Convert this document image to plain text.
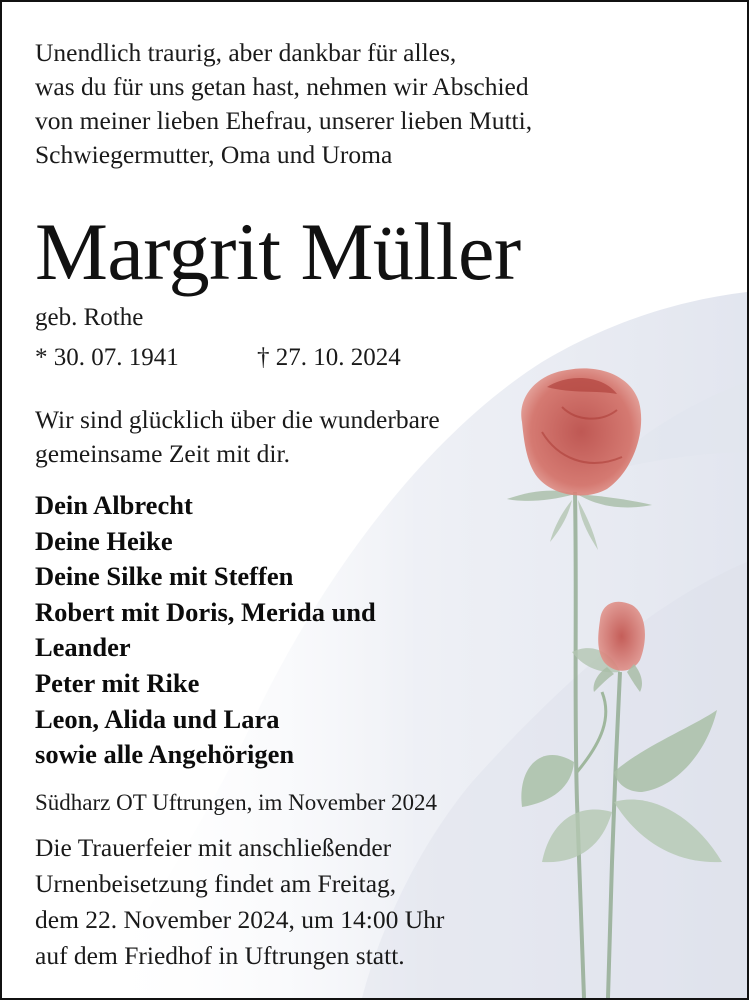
Unendlich traurig, aber dankbar für alles,
was du für uns getan hast, nehmen wir Abschied
von meiner lieben Ehefrau, unserer lieben Mutti,
Schwiegermutter, Oma und Uroma
Margrit Müller
geb. Rothe
* 30. 07. 1941	† 27. 10. 2024
Wir sind glücklich über die wunderbare
gemeinsame Zeit mit dir.
Dein Albrecht
Deine Heike
Deine Silke mit Steffen
Robert mit Doris, Merida und
Leander
Peter mit Rike
Leon, Alida und Lara
sowie alle Angehörigen
Südharz OT Uftrungen, im November 2024
Die Trauerfeier mit anschließender
Urnenbeisetzung findet am Freitag,
dem 22. November 2024, um 14:00 Uhr
auf dem Friedhof in Uftrungen statt.
